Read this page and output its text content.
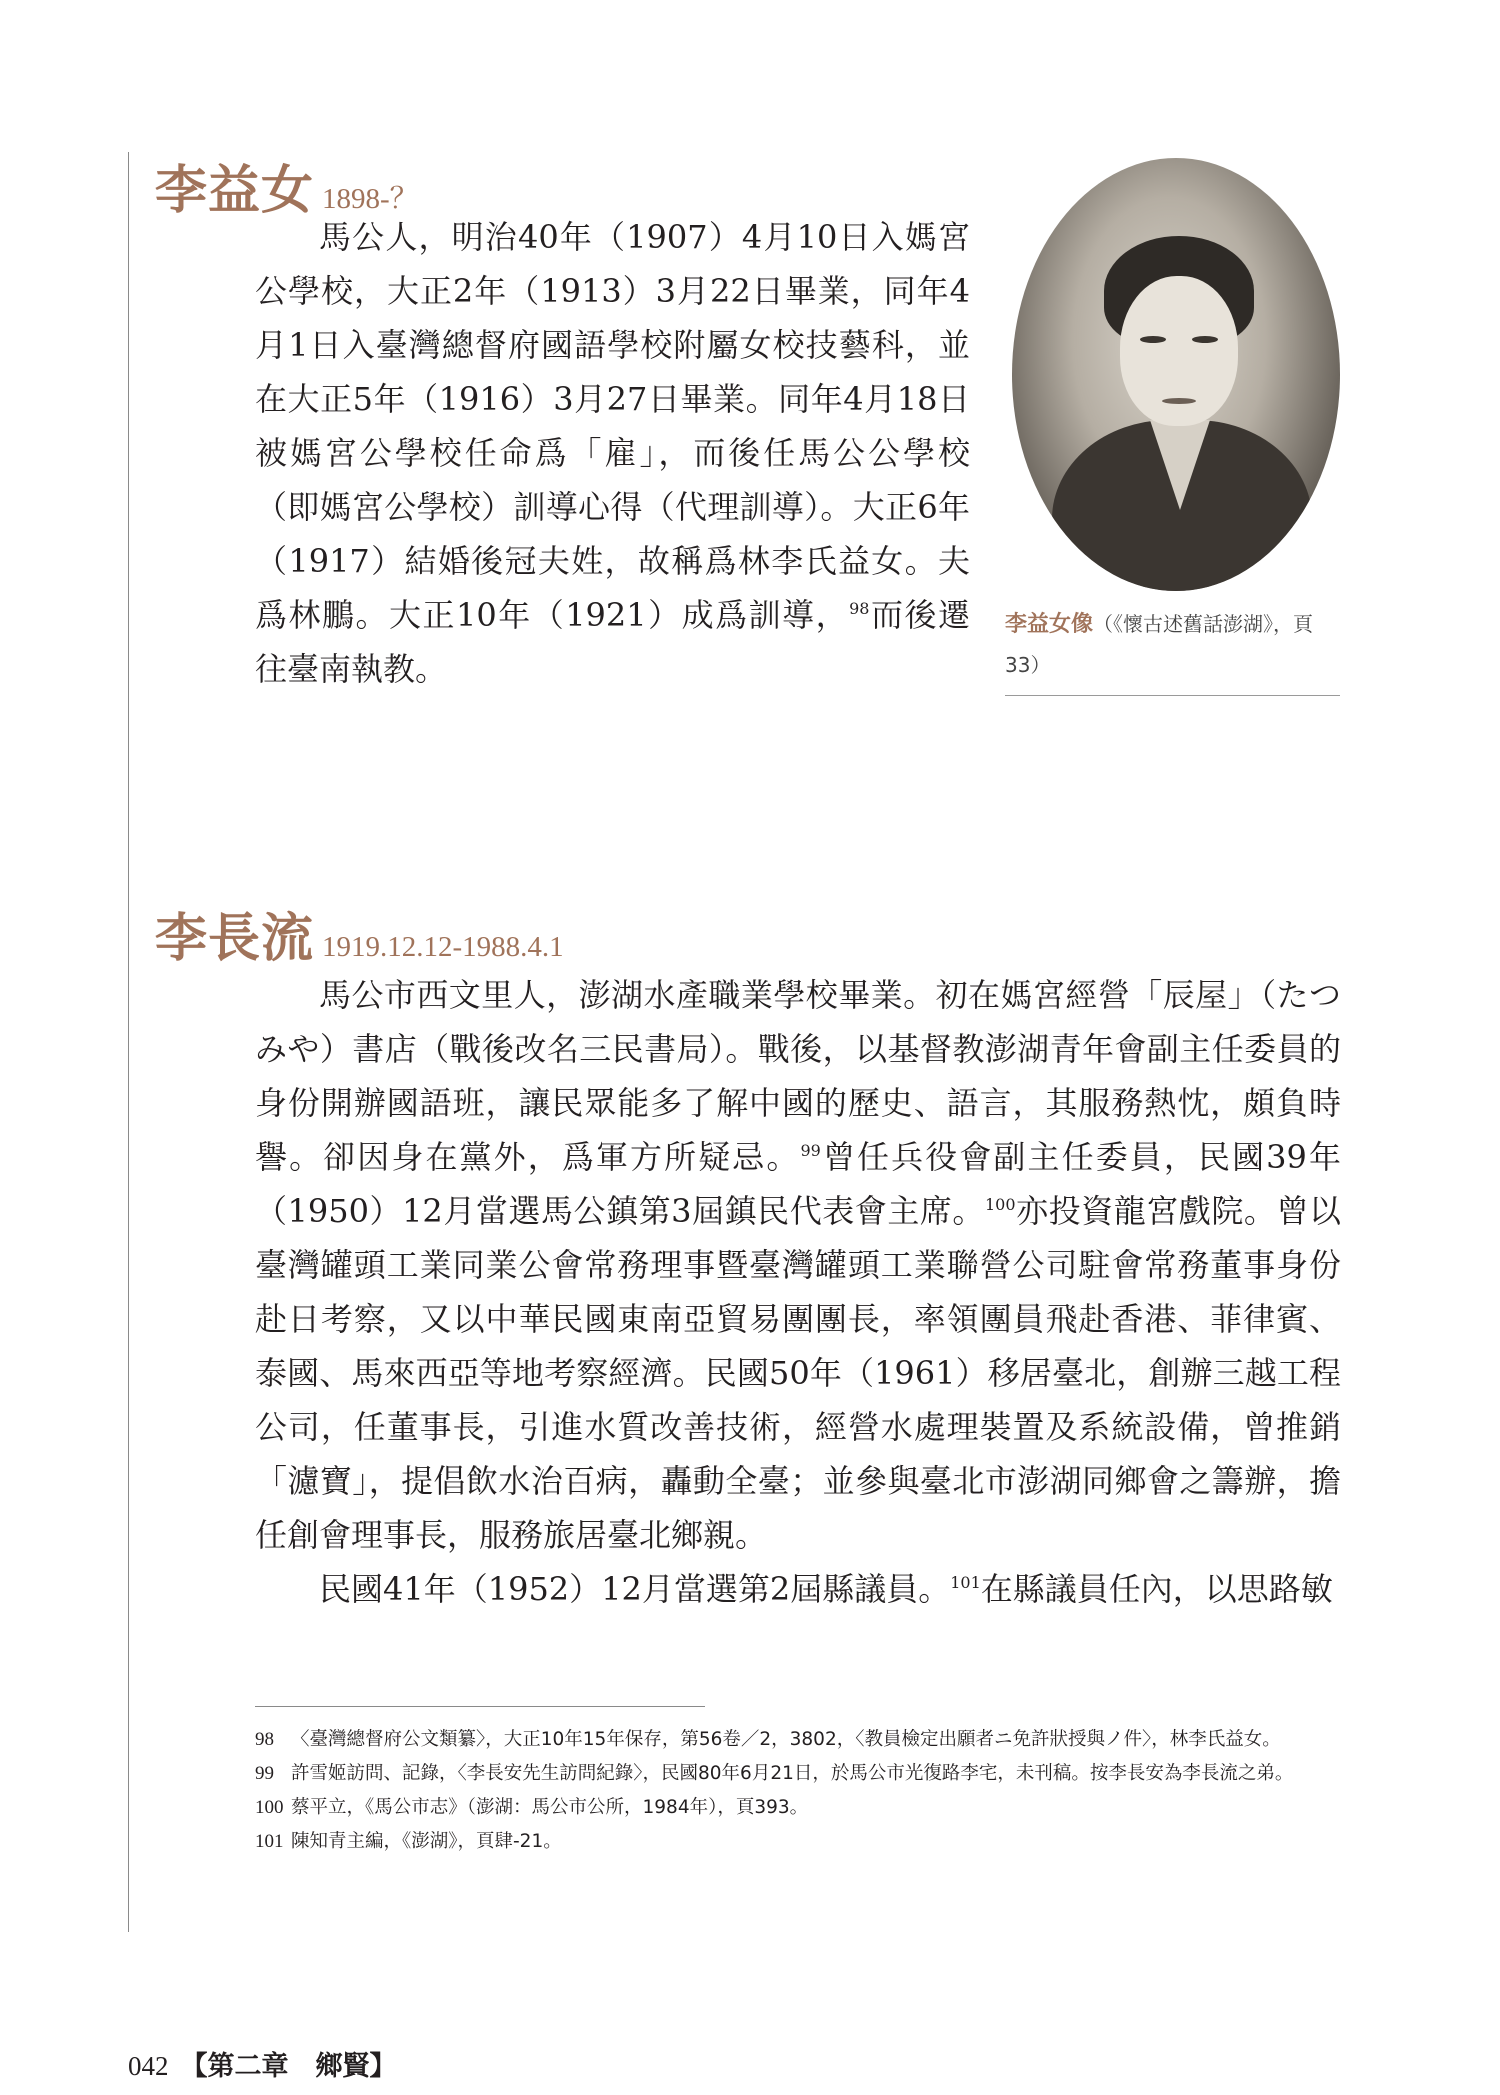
李益女 1898-？

馬公人，明治40年（1907）4月10日入媽宮公學校，大正2年（1913）3月22日畢業，同年4月1日入臺灣總督府國語學校附屬女校技藝科，並在大正5年（1916）3月27日畢業。同年4月18日被媽宮公學校任命爲「雇」，而後任馬公公學校（即媽宮公學校）訓導心得（代理訓導）。大正6年（1917）結婚後冠夫姓，故稱爲林李氏益女。夫爲林鵬。大正10年（1921）成爲訓導，$^{98}$而後遷往臺南執教。

李益女像（《懷古述舊話澎湖》，頁33）

李長流 1919.12.12-1988.4.1

馬公市西文里人，澎湖水產職業學校畢業。初在媽宮經營「辰屋」（たつみや）書店（戰後改名三民書局）。戰後，以基督教澎湖青年會副主任委員的身份開辦國語班，讓民眾能多了解中國的歷史、語言，其服務熱忱，頗負時譽。卻因身在黨外，爲軍方所疑忌。$^{99}$曾任兵役會副主任委員，民國39年（1950）12月當選馬公鎮第3屆鎮民代表會主席。$^{100}$亦投資龍宮戲院。曾以臺灣罐頭工業同業公會常務理事暨臺灣罐頭工業聯營公司駐會常務董事身份赴日考察，又以中華民國東南亞貿易團團長，率領團員飛赴香港、菲律賓、泰國、馬來西亞等地考察經濟。民國50年（1961）移居臺北，創辦三越工程公司，任董事長，引進水質改善技術，經營水處理裝置及系統設備，曾推銷「濾寶」，提倡飲水治百病，轟動全臺；並參與臺北市澎湖同鄉會之籌辦，擔任創會理事長，服務旅居臺北鄉親。

民國41年（1952）12月當選第2屆縣議員。$^{101}$在縣議員任內，以思路敏

98 〈臺灣總督府公文類纂〉，大正10年15年保存，第56卷／2，3802，〈教員檢定出願者ニ免許狀授與ノ件〉，林李氏益女。
99 許雪姬訪問、記錄，〈李長安先生訪問紀錄〉，民國80年6月21日，於馬公市光復路李宅，未刊稿。按李長安為李長流之弟。
100 蔡平立，《馬公市志》（澎湖：馬公市公所，1984年），頁393。
101 陳知青主編，《澎湖》，頁肆-21。

042 【第二章　鄉賢】
